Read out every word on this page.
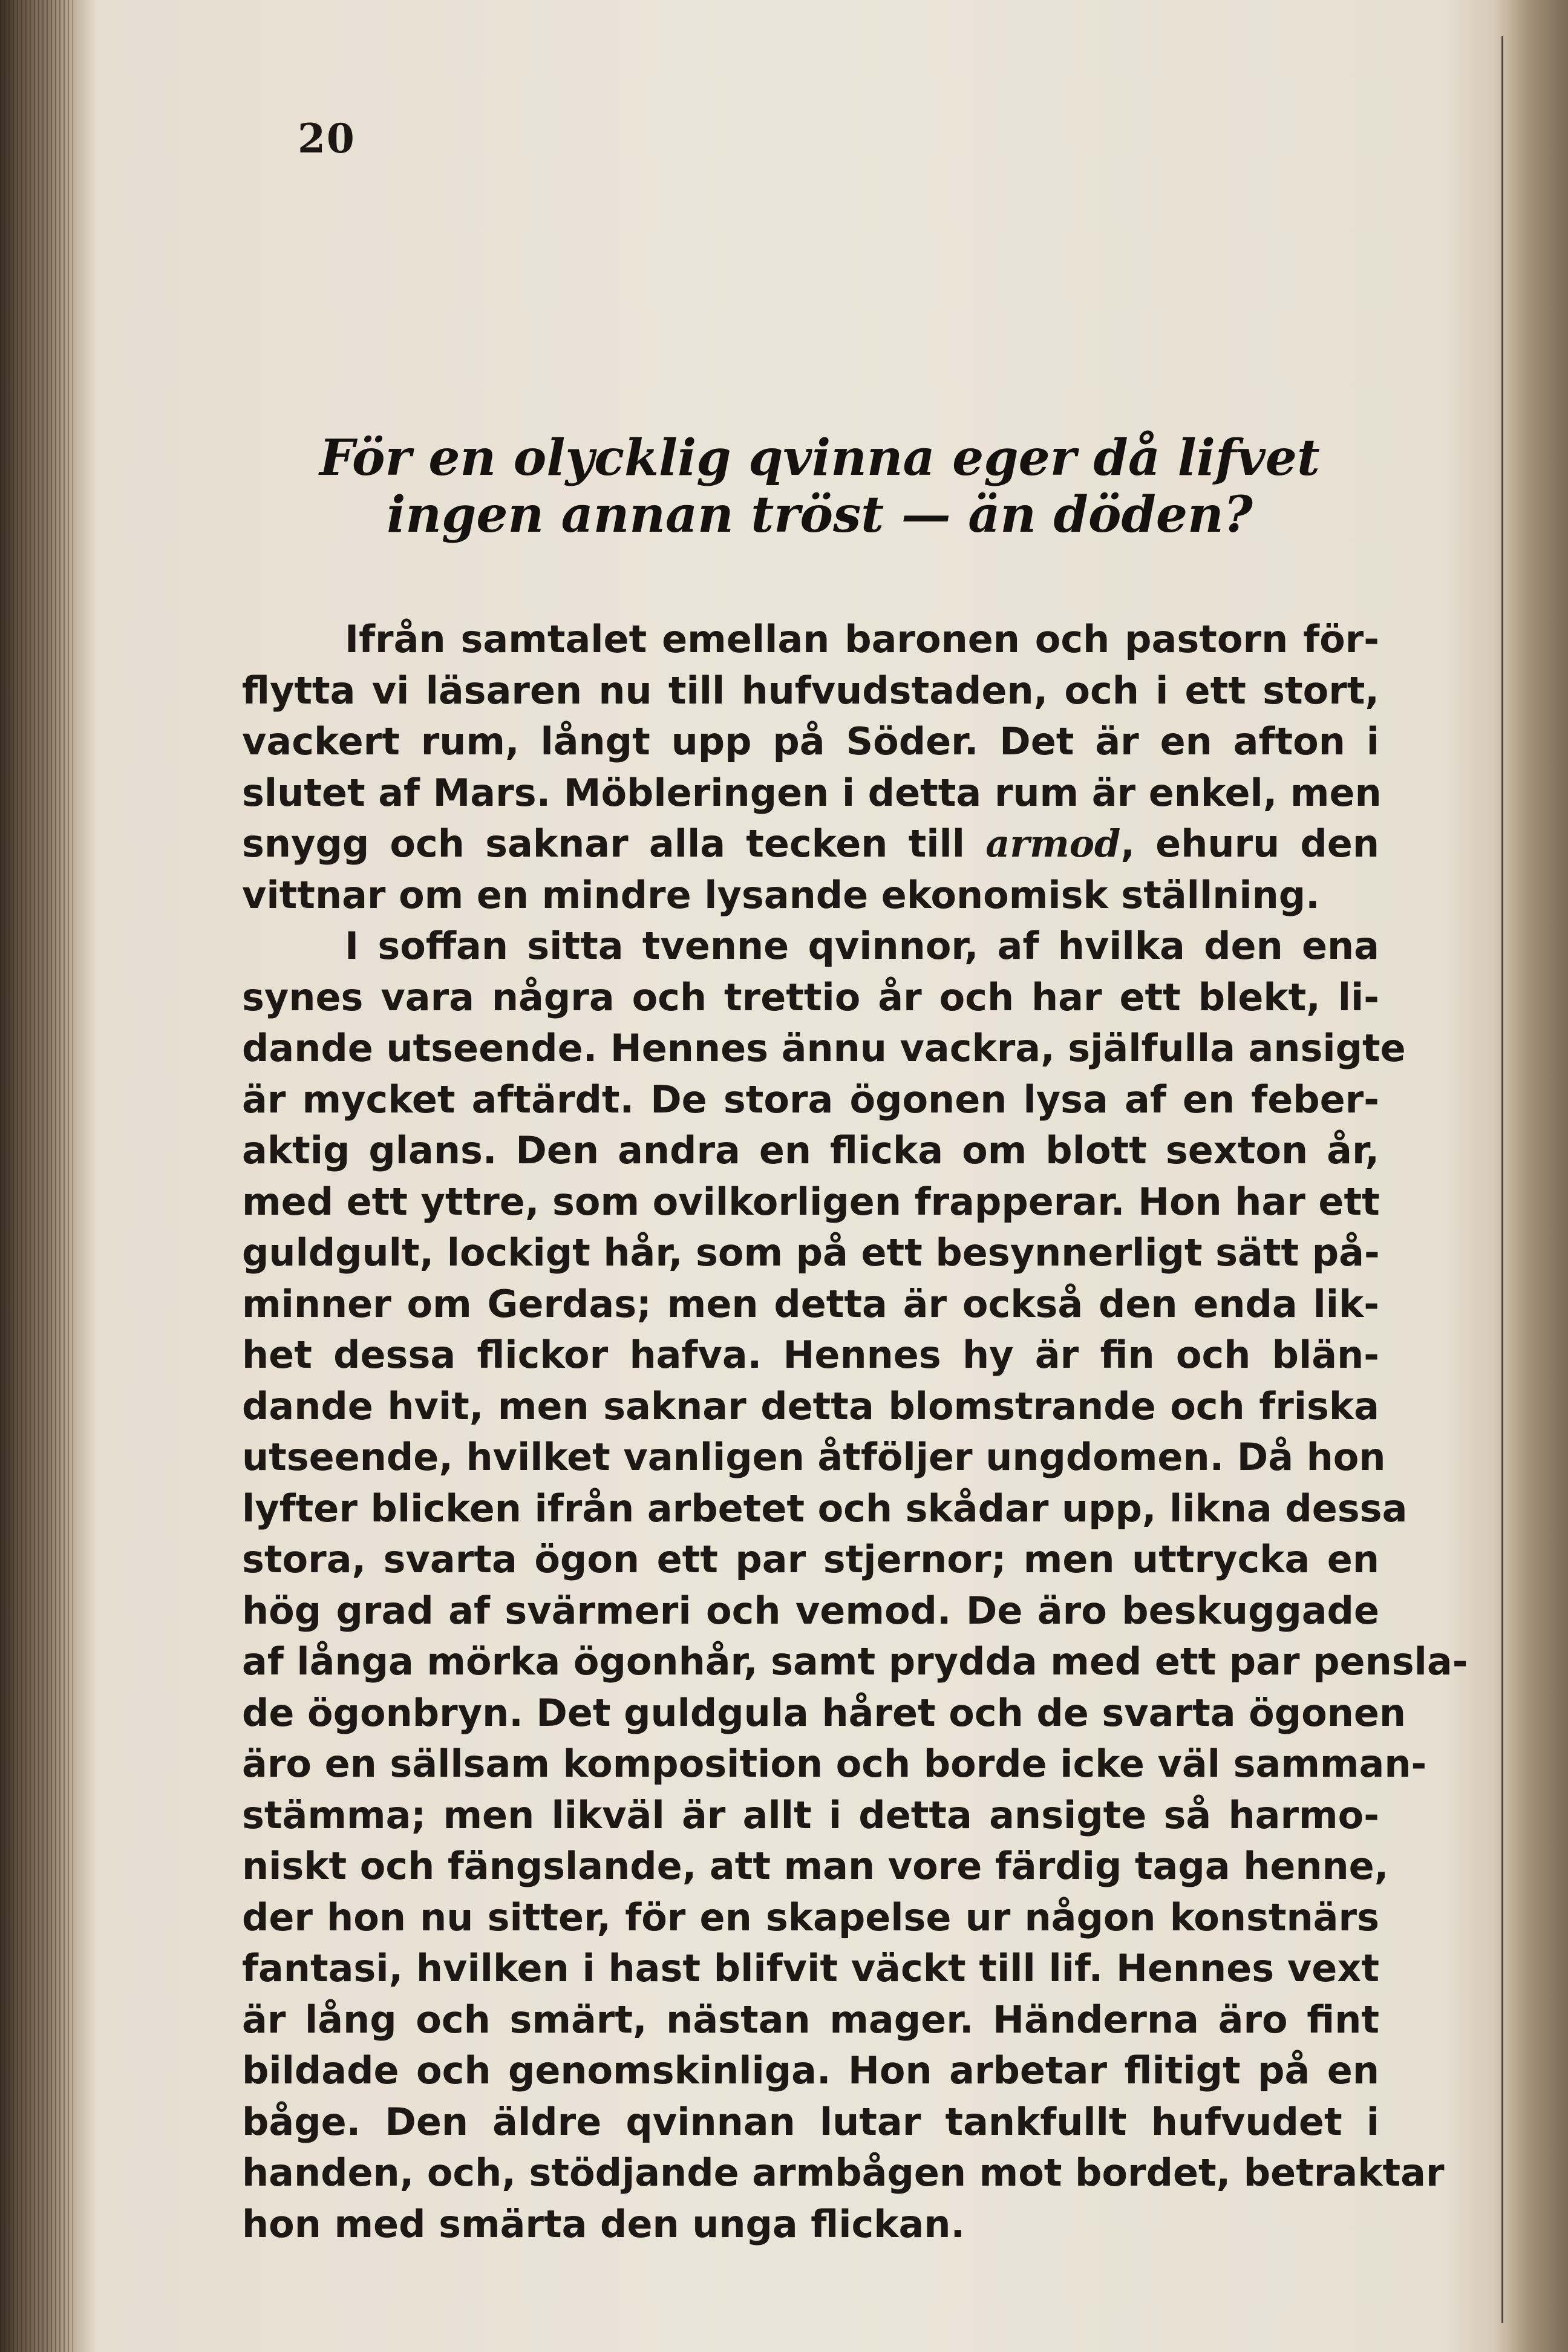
20
För en olycklig qvinna eger då lifvet
ingen annan tröst — än döden?
Ifrån samtalet emellan baronen och pastorn för-
flytta vi läsaren nu till hufvudstaden, och i ett stort,
vackert rum, långt upp på Söder. Det är en afton i
slutet af Mars. Möbleringen i detta rum är enkel, men
snygg och saknar alla tecken till armod, ehuru den
vittnar om en mindre lysande ekonomisk ställning.
I soffan sitta tvenne qvinnor, af hvilka den ena
synes vara några och trettio år och har ett blekt, li-
dande utseende. Hennes ännu vackra, själfulla ansigte
är mycket aftärdt. De stora ögonen lysa af en feber-
aktig glans. Den andra en flicka om blott sexton år,
med ett yttre, som ovilkorligen frapperar. Hon har ett
guldgult, lockigt hår, som på ett besynnerligt sätt på-
minner om Gerdas; men detta är också den enda lik-
het dessa flickor hafva. Hennes hy är fin och blän-
dande hvit, men saknar detta blomstrande och friska
utseende, hvilket vanligen åtföljer ungdomen. Då hon
lyfter blicken ifrån arbetet och skådar upp, likna dessa
stora, svarta ögon ett par stjernor; men uttrycka en
hög grad af svärmeri och vemod. De äro beskuggade
af långa mörka ögonhår, samt prydda med ett par pensla-
de ögonbryn. Det guldgula håret och de svarta ögonen
äro en sällsam komposition och borde icke väl samman-
stämma; men likväl är allt i detta ansigte så harmo-
niskt och fängslande, att man vore färdig taga henne,
der hon nu sitter, för en skapelse ur någon konstnärs
fantasi, hvilken i hast blifvit väckt till lif. Hennes vext
är lång och smärt, nästan mager. Händerna äro fint
bildade och genomskinliga. Hon arbetar flitigt på en
båge. Den äldre qvinnan lutar tankfullt hufvudet i
handen, och, stödjande armbågen mot bordet, betraktar
hon med smärta den unga flickan.
